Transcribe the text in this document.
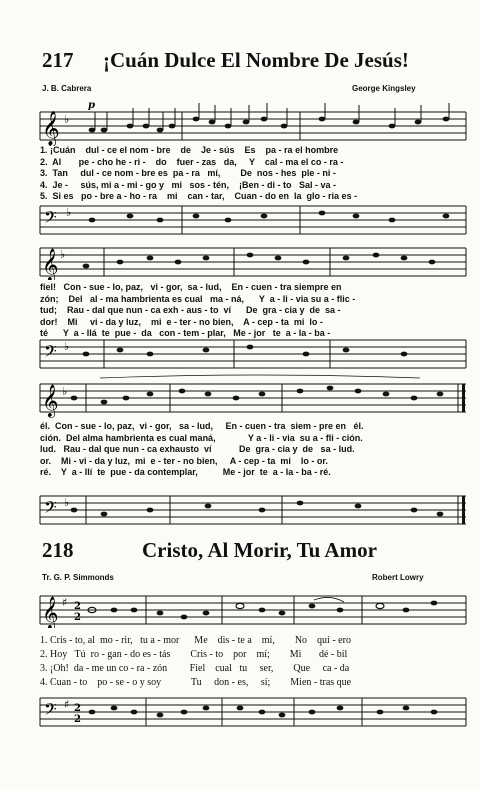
217 ¡Cuán Dulce El Nombre De Jesús!
J. B. Cabrera	George Kingsley
𝄞 ♭
p
1. ¡Cuán    dul - ce el nom - bre    de    Je - sús    Es    pa - ra el hombre
2.  Al       pe - cho he - ri -    do    fuer - zas   da,     Y    cal - ma el co - ra -
3.  Tan     dul - ce nom - bre es  pa - ra   mí,        De  nos - hes  ple - ni -
4.  Je -     sús, mi a - mi - go y   mi   sos - tén,    ¡Ben - di - to   Sal - va -
5.  Si es   po - bre a - ho - ra    mi    can - tar,    Cuan - do en  la  glo - ria es -
𝄢 ♭
𝄞 ♭
fiel!   Con - sue - lo, paz,   vi - gor,  sa - lud,    En - cuen - tra siempre en
zón;    Del   al - ma hambrienta es cual   ma - ná,      Y  a - li - via su a - flic -
tud;    Rau - dal que nun - ca exh - aus - to  ví      De  gra - cia y  de  sa -
dor!    Mi     vi - da y luz,    mi  e - ter - no bien,    A - cep - ta  mi  lo -
té      Y  a - llá  te  pue -  da   con - tem - plar,   Me - jor   te  a - la - ba -
𝄢 ♭
𝄞 ♭
él.  Con - sue - lo, paz,  vi - gor,   sa - lud,     En - cuen - tra  siem - pre en   él.
ción.  Del alma hambrienta es cual maná,             Y a - li - via  su a - fli - ción.
lud.   Rau - dal que nun - ca exhausto  ví           De  gra - cia y  de   sa - lud.
or.    Mi - vi - da y luz,  mi  e - ter - no bien,     A - cep - ta  mi    lo - or.
ré.    Y  a - llí  te  pue - da contemplar,          Me - jor  te  a - la - ba - ré.
𝄢 ♭
218	Cristo, Al Morir, Tu Amor
Tr. G. P. Simmonds	Robert Lowry
𝄞 ♯ 2
2
1. Cris - to, al  mo - rir,   tu a - mor      Me    dis - te a    mí,        No    qui - ero
2. Hoy   Tú  ro - gan - do es - tás        Cris - to    por    mí;        Mi       dé - bil
3. ¡Oh!  da - me un co - ra - zón         Fiel    cual   tu     ser,        Que     ca - da
4. Cuan - to    po - se - o y soy            Tu     don - es,     sí;        Mien - tras que
𝄢 ♯ 2
2
